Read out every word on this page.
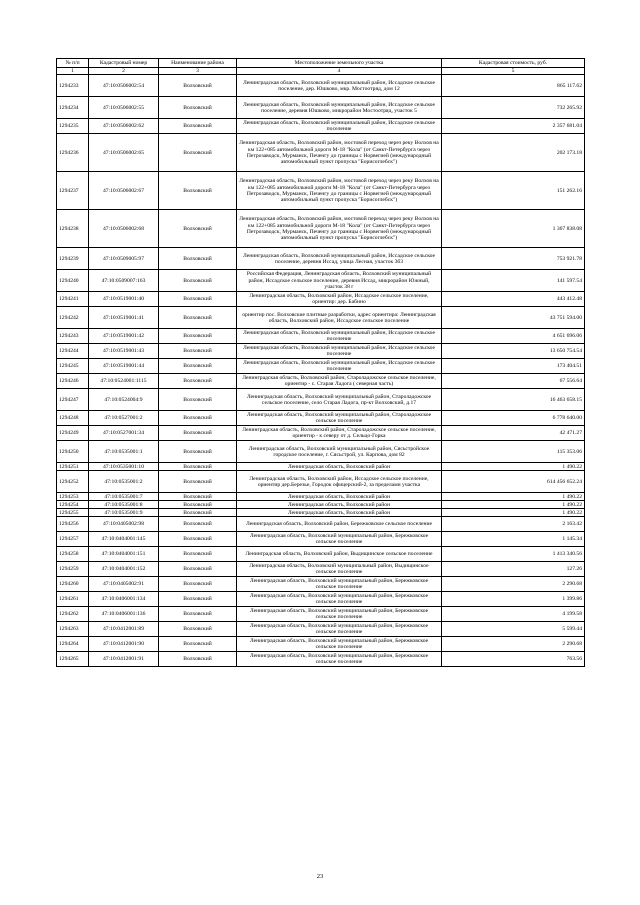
№ п/п	Кадастровый номер	Наименование района	Местоположение земельного участка	Кадастровая стоимость, руб.
1	2	3	4	5
1294233	47:10:0506002:54	Волховский	Ленинградская область, Волховский муниципальный район, Иссадское сельское поселение, дер. Юшково, мкр. Мостоотряд, дом 12	865 117.62
1294234	47:10:0506002:55	Волховский	Ленинградская область, Волховский муниципальный район, Иссадское сельское поселение, деревня Юшково, микрорайон Мостоотряд, участок 5	732 265.92
1294235	47:10:0506002:62	Волховский	Ленинградская область, Волховский муниципальный район, Иссадское сельское поселение	2 357 681.04
1294236	47:10:0506002:65	Волховский	Ленинградская область, Волховский район, мостовой переход через реку Волхов на км 122+085 автомобильной дороги М-18 "Кола" (от Санкт-Петербурга через Петрозаводск, Мурманск, Печенгу до границы с Норвегией (международный автомобильный пункт пропуска "Борисоглебск")	202 173.18
1294237	47:10:0506002:67	Волховский	Ленинградская область, Волховский район, мостовой переход через реку Волхов на км 122+085 автомобильной дороги М-18 "Кола" (от Санкт-Петербурга через Петрозаводск, Мурманск, Печенгу до границы с Норвегией (международный автомобильный пункт пропуска "Борисоглебск")	151 262.16
1294238	47:10:0506002:68	Волховский	Ленинградская область, Волховский район, мостовой переход через реку Волхов на км 122+085 автомобильной дороги М-18 "Кола" (от Санкт-Петербурга через Петрозаводск, Мурманск, Печенгу до границы с Норвегией (международный автомобильный пункт пропуска "Борисоглебск")	1 367 838.08
1294239	47:10:0509005:97	Волховский	Ленинградская область, Волховский муниципальный район, Иссадское сельское поселение, деревня Иссад, улица Лесная, участок 3б3	753 921.78
1294240	47:10:0509007:163	Волховский	Российская Федерация, Ленинградская область, Волховский муниципальный район, Иссадское сельское поселение, деревня Иссад, микрорайон Южный, участок 38 г	141 597.54
1294241	47:10:0519001:40	Волховский	Ленинградская область, Волховский район, Иссадское сельское поселение, ориентир: дер. Бабино	443 412.48
1294242	47:10:0519001:41	Волховский	ориентир пос. Волховские плитные разработки, адрес ориентира: Ленинградская область, Волховский район, Иссадское сельское поселение	43 751 594.00
1294243	47:10:0519001:42	Волховский	Ленинградская область, Волховский муниципальный район, Иссадское сельское поселение	4 651 696.06
1294244	47:10:0519001:43	Волховский	Ленинградская область, Волховский муниципальный район, Иссадское сельское поселение	13 650 754.54
1294245	47:10:0519001:44	Волховский	Ленинградская область, Волховский муниципальный район, Иссадское сельское поселение	173 404.51
1294246	47:10:0524001:1115	Волховский	Ленинградская область, Волховский район, Староладожское сельское поселение, ориентир - с. Старая Ладога ( северная часть)	67 556.64
1294247	47:10:0524004:9	Волховский	Ленинградская область, Волховский муниципальный район, Староладожское сельское поселение, село Старая Ладога, пр-кт Волховский, д.17	16 463 658.15
1294248	47:10:0527001:2	Волховский	Ленинградская область, Волховский муниципальный район, Староладожское сельское поселение	6 778 640.00
1294249	47:10:0527001:34	Волховский	Ленинградская область, Волховский район, Староладожское сельское поселение, ориентир - к северу от д. Сельцо-Горка	42 471.27
1294250	47:10:0535001:1	Волховский	Ленинградская область, Волховский муниципальный район, Сясьстройское городское поселение, г. Сясьстрой, ул. Карпова, дом 82	115 353.06
1294251	47:10:0535001:10	Волховский	Ленинградская область, Волховский район	1 490.22
1294252	47:10:0535001:2	Волховский	Ленинградская область, Волховский район, Иссадское сельское поселение, ориентир дер.Березье, Городок офицерский-2, за пределами участка	614 456 652.24
1294253	47:10:0535001:7	Волховский	Ленинградская область, Волховский район	1 490.22
1294254	47:10:0535001:8	Волховский	Ленинградская область, Волховский район	1 490.22
1294255	47:10:0535001:9	Волховский	Ленинградская область, Волховский район	1 490.22
1294256	47:10:0405002:98	Волховский	Ленинградская область, Волховский район, Бережковское сельское поселение	2 163.42
1294257	47:10:0404001:145	Волховский	Ленинградская область, Волховский муниципальный район, Бережковское сельское поселение	1 145.34
1294258	47:10:0404001:151	Волховский	Ленинградская область, Волховский район, Выдищинское сельское поселение	1 413 340.56
1294259	47:10:0404001:152	Волховский	Ленинградская область, Волховский муниципальный район, Выдищинское сельское поселение	127.26
1294260	47:10:0405002:91	Волховский	Ленинградская область, Волховский муниципальный район, Бережковское сельское поселение	2 290.68
1294261	47:10:0406001:134	Волховский	Ленинградская область, Волховский муниципальный район, Бережковское сельское поселение	1 399.86
1294262	47:10:0406001:136	Волховский	Ленинградская область, Волховский муниципальный район, Бережковское сельское поселение	4 199.58
1294263	47:10:0412001:89	Волховский	Ленинградская область, Волховский муниципальный район, Бережковское сельское поселение	5 599.44
1294264	47:10:0412001:90	Волховский	Ленинградская область, Волховский муниципальный район, Бережковское сельское поселение	2 290.68
1294265	47:10:0412001:91	Волховский	Ленинградская область, Волховский муниципальный район, Бережковское сельское поселение	763.56
23
